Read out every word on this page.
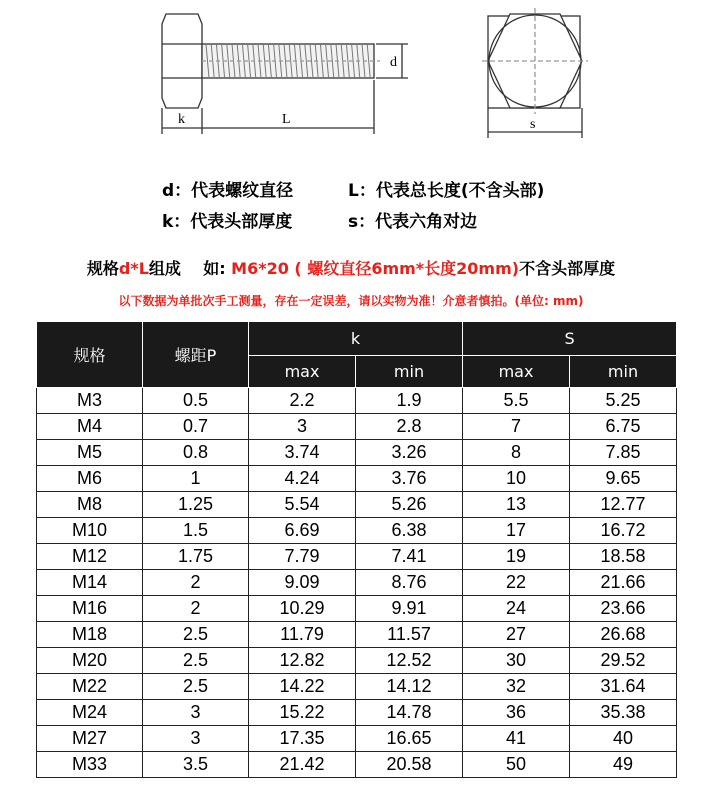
d
k	L	s
d：代表螺纹直径	L：代表总长度(不含头部)
k：代表头部厚度	s：代表六角对边
规格d*L组成    如: M6*20 ( 螺纹直径6mm*长度20mm)不含头部厚度
以下数据为单批次手工测量，存在一定误差，请以实物为准！介意者慎拍。(单位: mm)
规格	螺距P	k		S	
		max	min	max	min
M3	0.5	2.2	1.9	5.5	5.25
M4	0.7	3	2.8	7	6.75
M5	0.8	3.74	3.26	8	7.85
M6	1	4.24	3.76	10	9.65
M8	1.25	5.54	5.26	13	12.77
M10	1.5	6.69	6.38	17	16.72
M12	1.75	7.79	7.41	19	18.58
M14	2	9.09	8.76	22	21.66
M16	2	10.29	9.91	24	23.66
M18	2.5	11.79	11.57	27	26.68
M20	2.5	12.82	12.52	30	29.52
M22	2.5	14.22	14.12	32	31.64
M24	3	15.22	14.78	36	35.38
M27	3	17.35	16.65	41	40
M33	3.5	21.42	20.58	50	49
